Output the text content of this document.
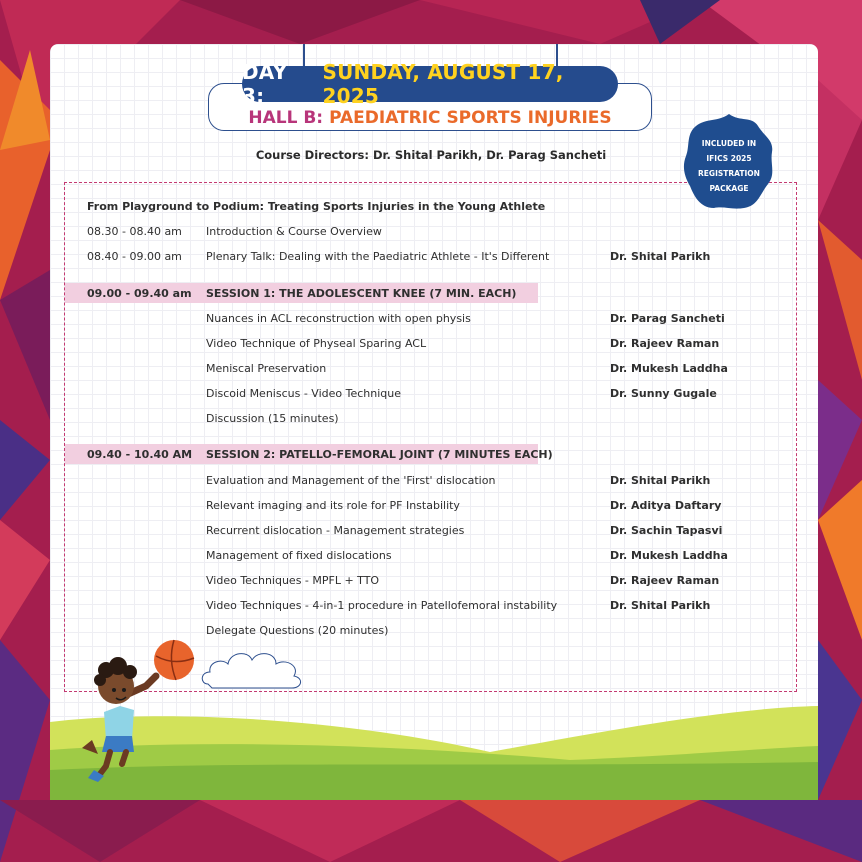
HALL B: PAEDIATRIC SPORTS INJURIES
DAY 3:
SUNDAY, AUGUST 17, 2025
Course Directors: Dr. Shital Parikh, Dr. Parag Sancheti
INCLUDED IN
IFICS 2025
REGISTRATION
PACKAGE
From Playground to Podium: Treating Sports Injuries in the Young Athlete
08.30 - 08.40 am Introduction & Course Overview
08.40 - 09.00 am Plenary Talk: Dealing with the Paediatric Athlete - It's Different	Dr. Shital Parikh
09.00 - 09.40 am SESSION 1: THE ADOLESCENT KNEE (7 MIN. EACH)
Nuances in ACL reconstruction with open physis	Dr. Parag Sancheti
Video Technique of Physeal Sparing ACL	Dr. Rajeev Raman
Meniscal Preservation	Dr. Mukesh Laddha
Discoid Meniscus - Video Technique	Dr. Sunny Gugale
Discussion (15 minutes)
09.40 - 10.40 AM SESSION 2: PATELLO-FEMORAL JOINT (7 MINUTES EACH)
Evaluation and Management of the 'First' dislocation	Dr. Shital Parikh
Relevant imaging and its role for PF Instability	Dr. Aditya Daftary
Recurrent dislocation - Management strategies	Dr. Sachin Tapasvi
Management of fixed dislocations	Dr. Mukesh Laddha
Video Techniques - MPFL + TTO	Dr. Rajeev Raman
Video Techniques - 4-in-1 procedure in Patellofemoral instability	Dr. Shital Parikh
Delegate Questions (20 minutes)
